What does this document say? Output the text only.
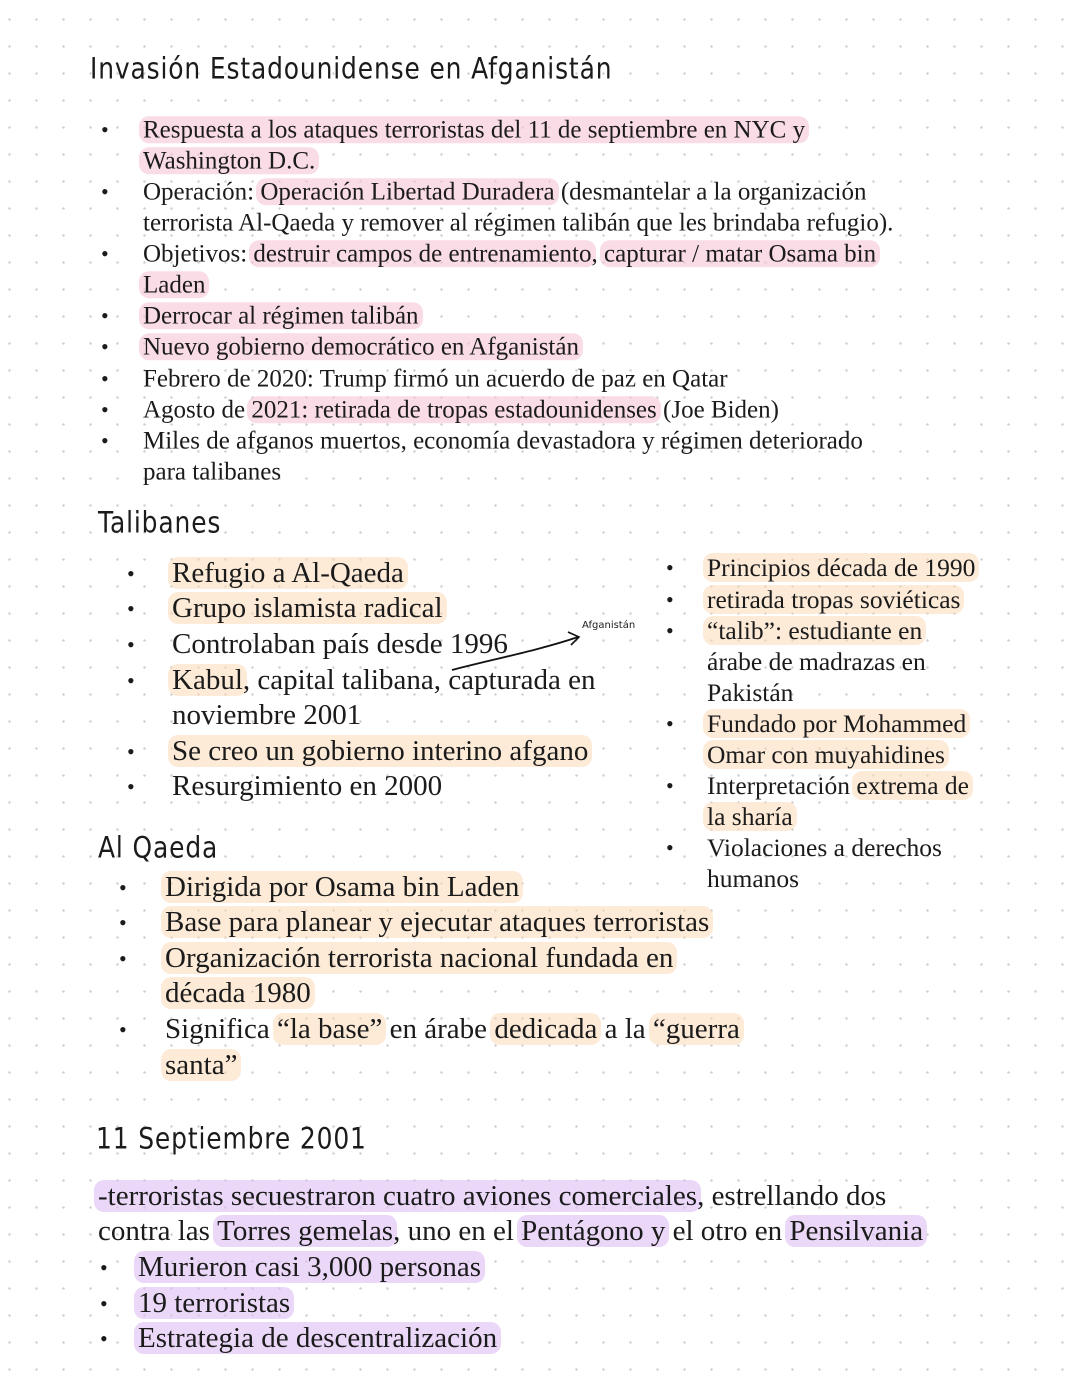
Invasión Estadounidense en Afganistán
• Respuesta a los ataques terroristas del 11 de septiembre en NYC y
Washington D.C.
• Operación: Operación Libertad Duradera (desmantelar a la organización
terrorista Al-Qaeda y remover al régimen talibán que les brindaba refugio).
• Objetivos: destruir campos de entrenamiento, capturar / matar Osama bin
Laden
• Derrocar al régimen talibán
• Nuevo gobierno democrático en Afganistán
• Febrero de 2020: Trump firmó un acuerdo de paz en Qatar
• Agosto de 2021: retirada de tropas estadounidenses (Joe Biden)
• Miles de afganos muertos, economía devastadora y régimen deteriorado
para talibanes
Talibanes
• Refugio a Al-Qaeda
• Grupo islamista radical
• Controlaban país desde 1996
• Kabul, capital talibana, capturada en
noviembre 2001
• Se creo un gobierno interino afgano
• Resurgimiento en 2000
• Principios década de 1990
• retirada tropas soviéticas
• “talib”: estudiante en
árabe de madrazas en
Pakistán
• Fundado por Mohammed
Omar con muyahidines
• Interpretación extrema de
la sharía
• Violaciones a derechos
humanos
Afganistán
Al Qaeda
• Dirigida por Osama bin Laden
• Base para planear y ejecutar ataques terroristas
• Organización terrorista nacional fundada en
década 1980
• Significa “la base” en árabe dedicada a la “guerra
santa”
11 Septiembre 2001
-terroristas secuestraron cuatro aviones comerciales, estrellando dos
contra las Torres gemelas, uno en el Pentágono y el otro en Pensilvania
• Murieron casi 3,000 personas
• 19 terroristas
• Estrategia de descentralización
